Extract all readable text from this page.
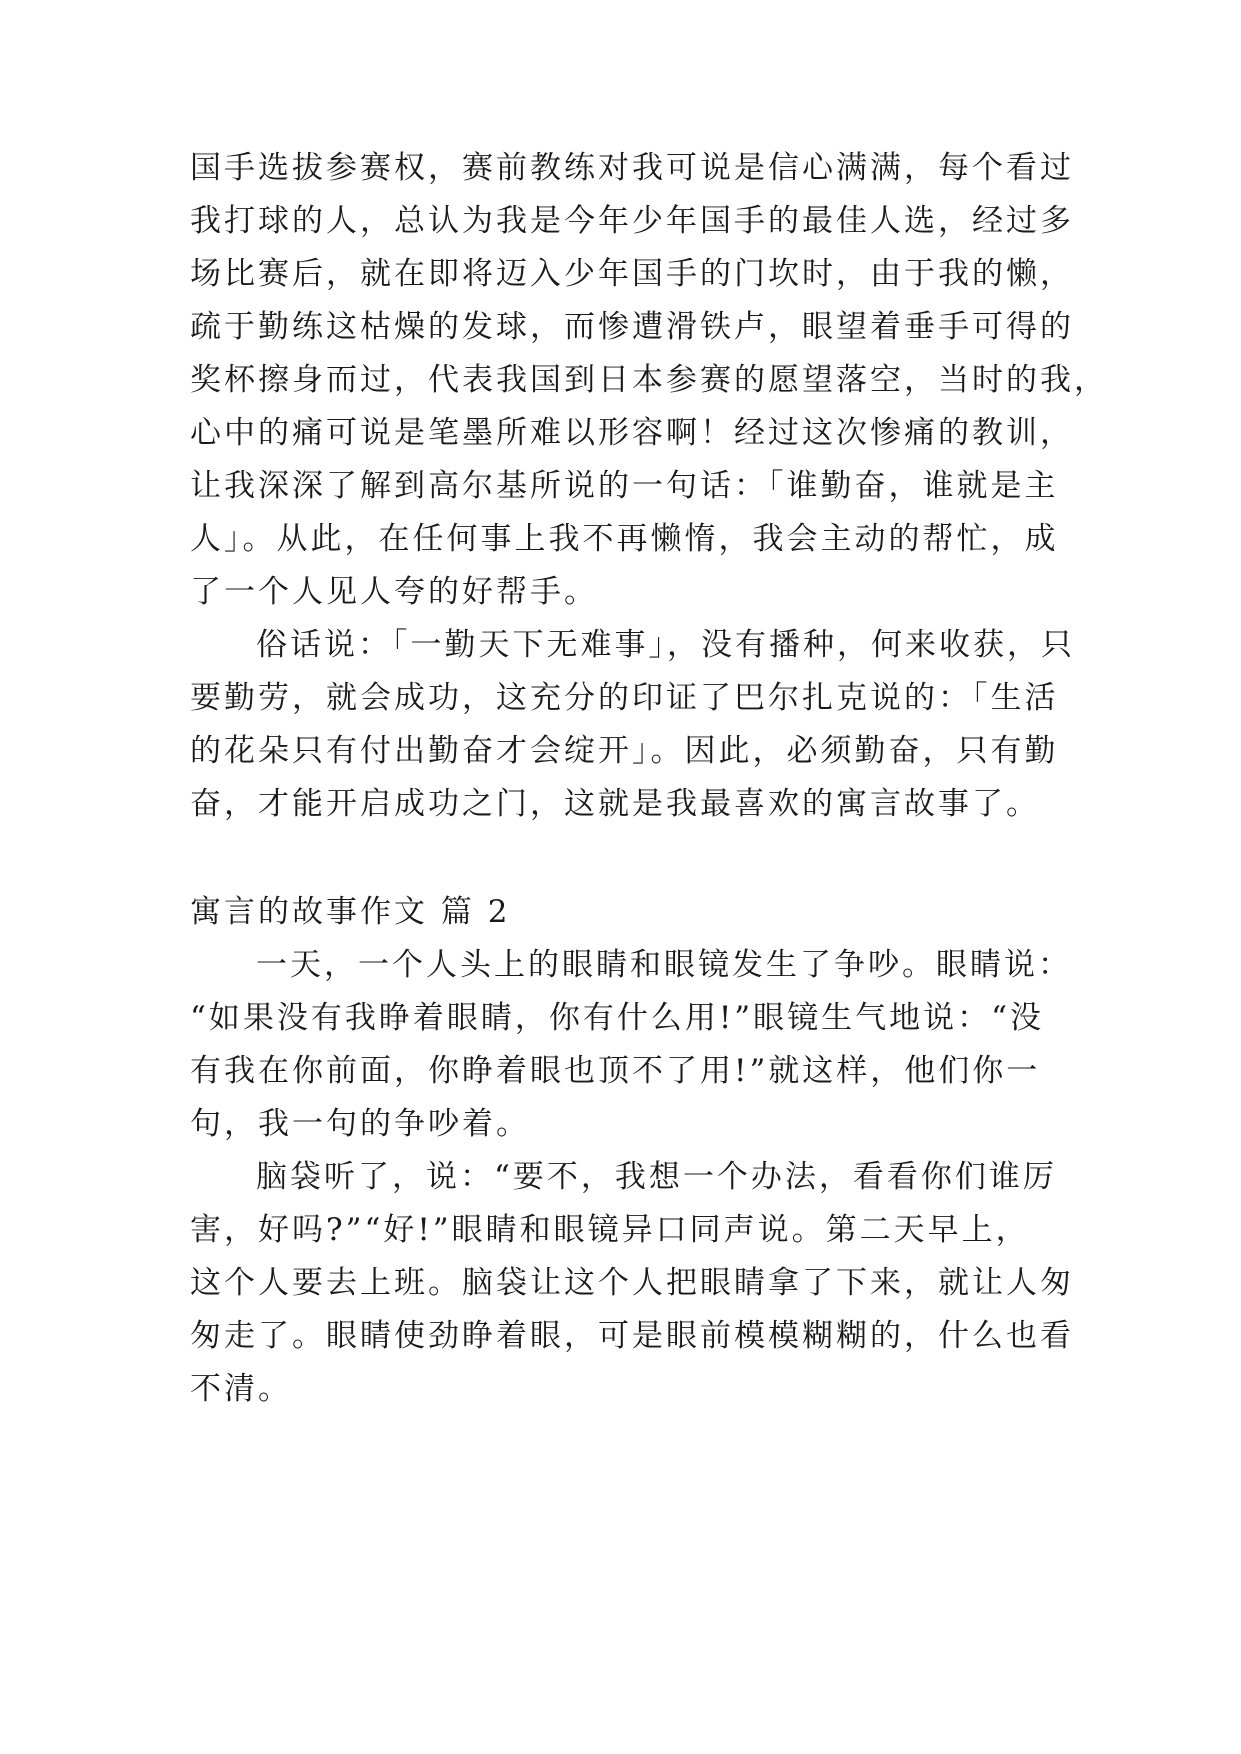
国手选拔参赛权，赛前教练对我可说是信心满满，每个看过
我打球的人，总认为我是今年少年国手的最佳人选，经过多
场比赛后，就在即将迈入少年国手的门坎时，由于我的懒，
疏于勤练这枯燥的发球，而惨遭滑铁卢，眼望着垂手可得的
奖杯擦身而过，代表我国到日本参赛的愿望落空，当时的我，
心中的痛可说是笔墨所难以形容啊！经过这次惨痛的教训，
让我深深了解到高尔基所说的一句话：「谁勤奋，谁就是主
人」。从此，在任何事上我不再懒惰，我会主动的帮忙，成
了一个人见人夸的好帮手。
俗话说：「一勤天下无难事」，没有播种，何来收获，只
要勤劳，就会成功，这充分的印证了巴尔扎克说的：「生活
的花朵只有付出勤奋才会绽开」。因此，必须勤奋，只有勤
奋，才能开启成功之门，这就是我最喜欢的寓言故事了。
寓言的故事作文 篇 2
一天，一个人头上的眼睛和眼镜发生了争吵。眼睛说：
“如果没有我睁着眼睛，你有什么用!”眼镜生气地说：“没
有我在你前面，你睁着眼也顶不了用!”就这样，他们你一
句，我一句的争吵着。
脑袋听了，说：“要不，我想一个办法，看看你们谁厉
害，好吗?”“好!”眼睛和眼镜异口同声说。第二天早上，
这个人要去上班。脑袋让这个人把眼睛拿了下来，就让人匆
匆走了。眼睛使劲睁着眼，可是眼前模模糊糊的，什么也看
不清。
